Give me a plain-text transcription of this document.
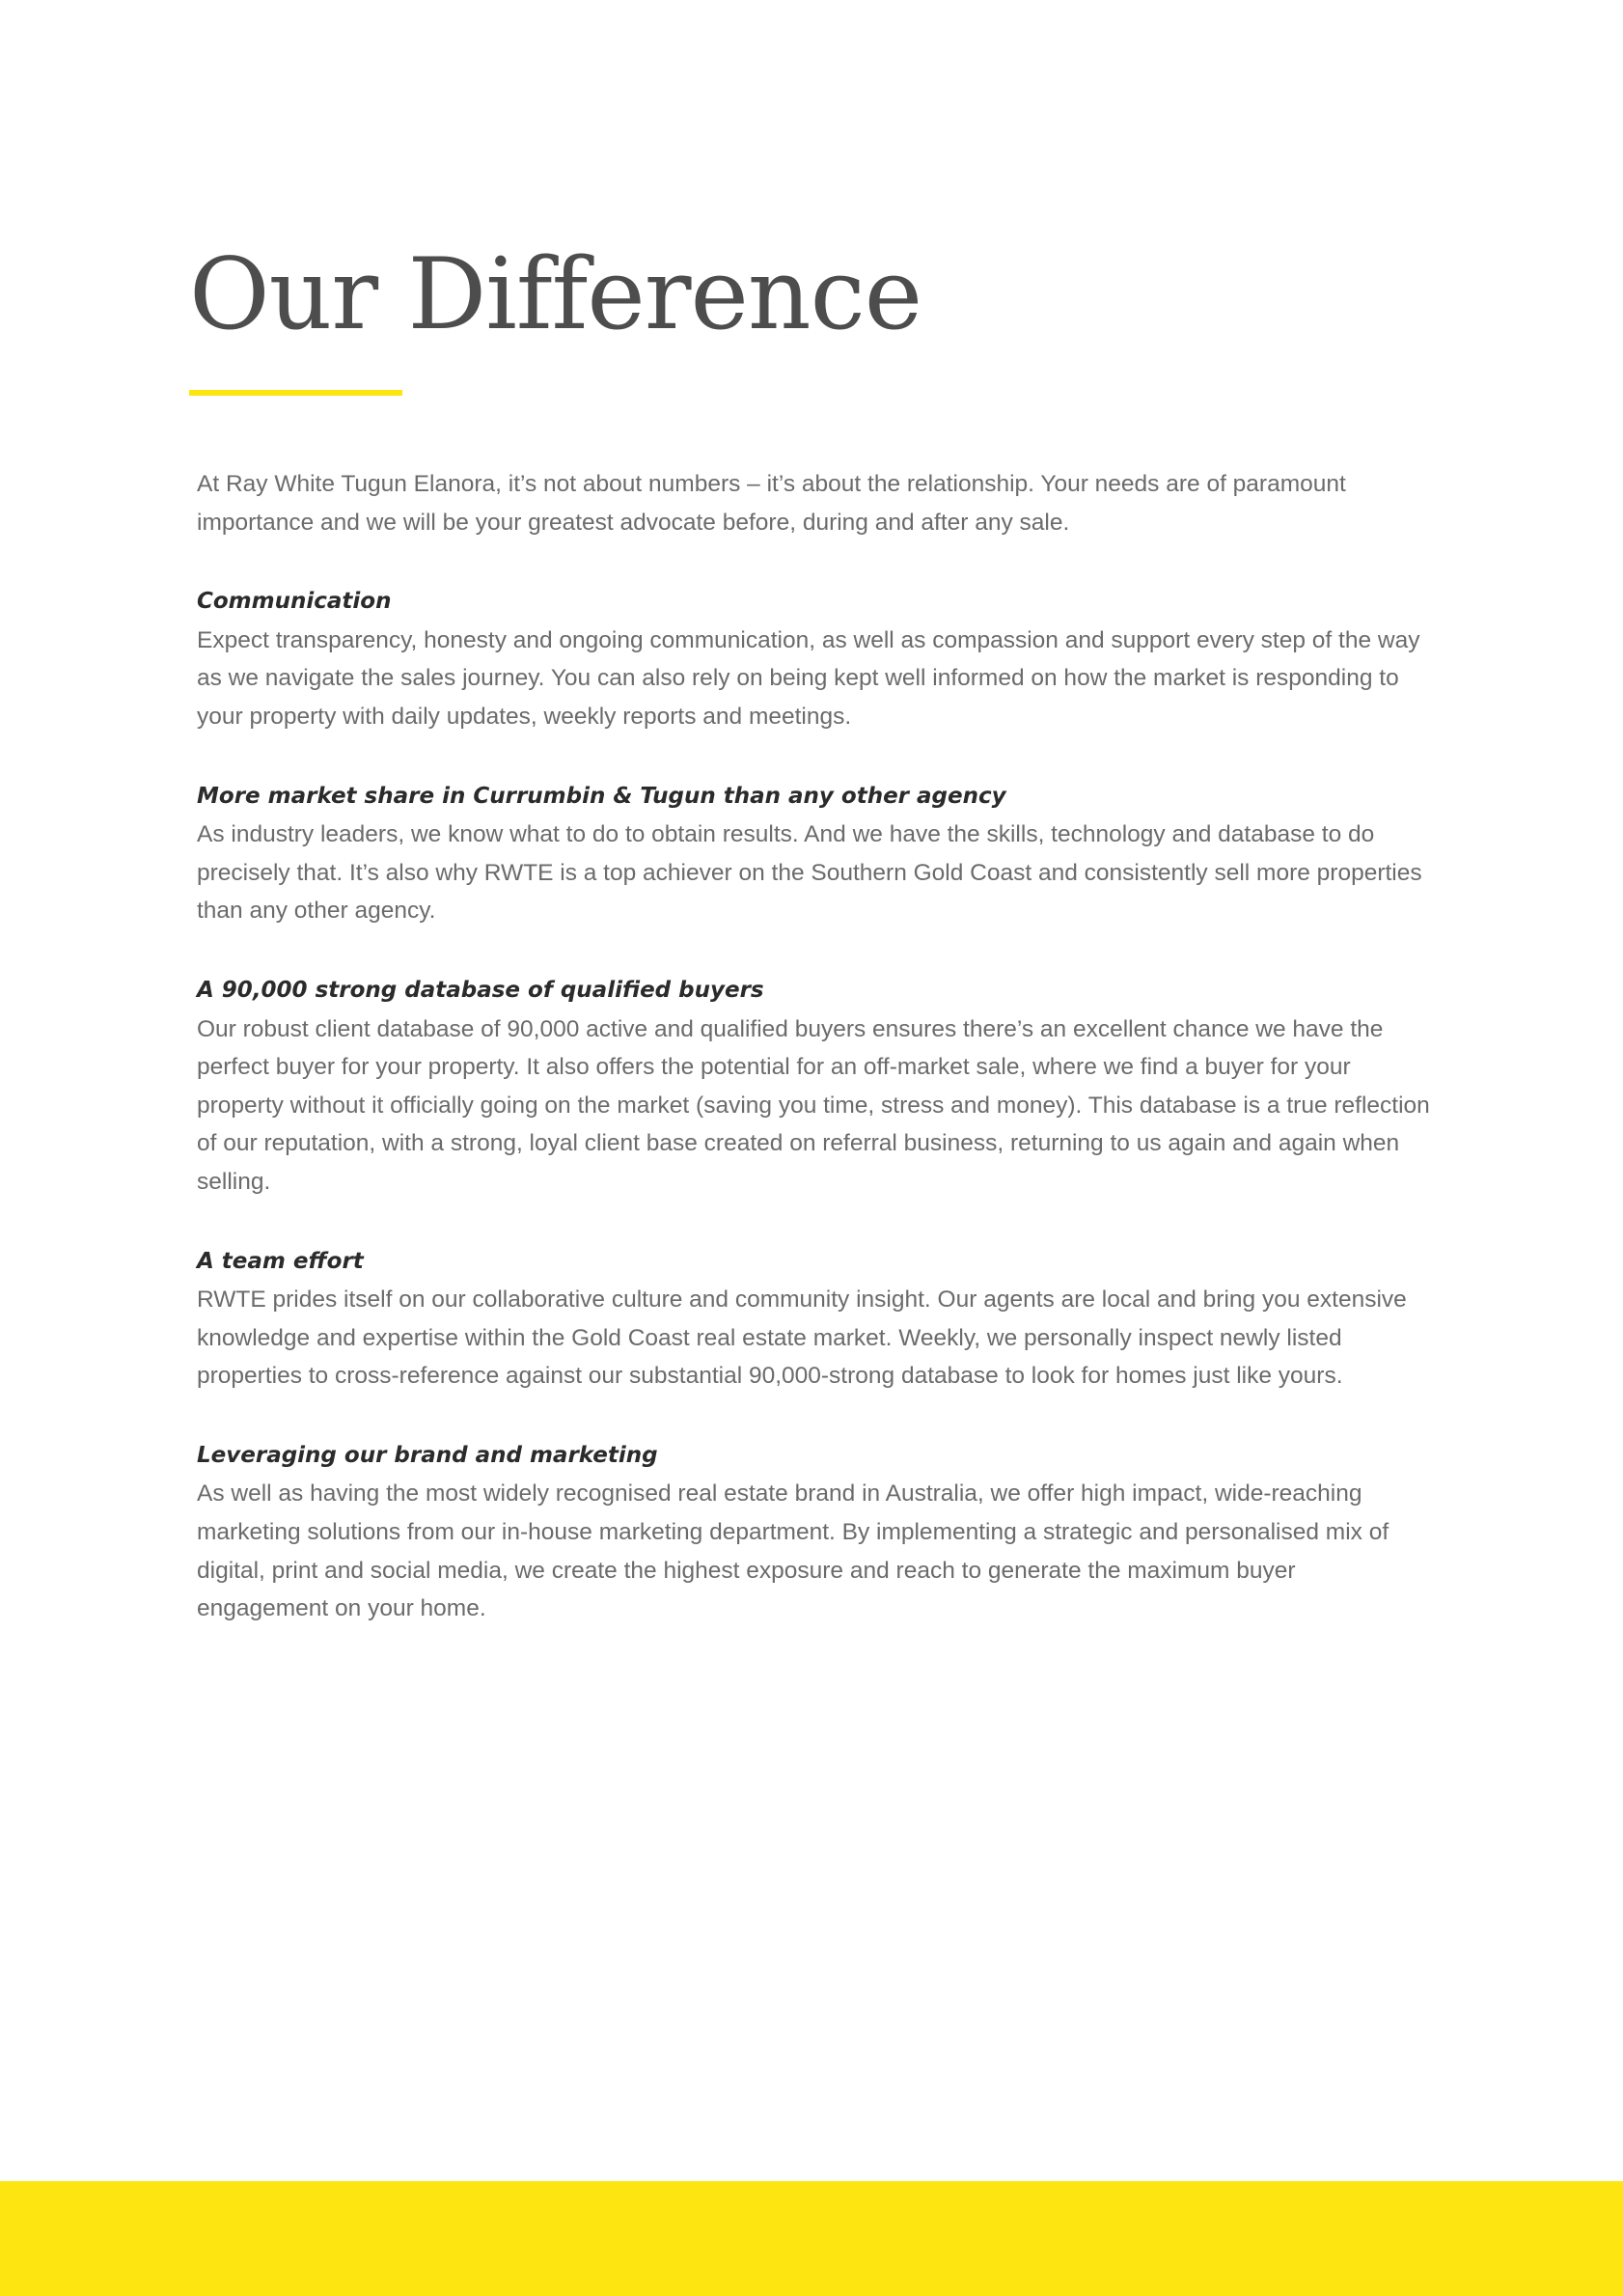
Our Difference

At Ray White Tugun Elanora, it’s not about numbers – it’s about the relationship. Your needs are of paramount importance and we will be your greatest advocate before, during and after any sale.

Communication

Expect transparency, honesty and ongoing communication, as well as compassion and support every step of the way as we navigate the sales journey. You can also rely on being kept well informed on how the market is responding to your property with daily updates, weekly reports and meetings.

More market share in Currumbin & Tugun than any other agency

As industry leaders, we know what to do to obtain results. And we have the skills, technology and database to do precisely that. It’s also why RWTE is a top achiever on the Southern Gold Coast and consistently sell more properties than any other agency.

A 90,000 strong database of qualified buyers

Our robust client database of 90,000 active and qualified buyers ensures there’s an excellent chance we have the perfect buyer for your property. It also offers the potential for an off-market sale, where we find a buyer for your property without it officially going on the market (saving you time, stress and money). This database is a true reflection of our reputation, with a strong, loyal client base created on referral business, returning to us again and again when selling.

A team effort

RWTE prides itself on our collaborative culture and community insight. Our agents are local and bring you extensive knowledge and expertise within the Gold Coast real estate market. Weekly, we personally inspect newly listed properties to cross-reference against our substantial 90,000-strong database to look for homes just like yours.

Leveraging our brand and marketing

As well as having the most widely recognised real estate brand in Australia, we offer high impact, wide-reaching marketing solutions from our in-house marketing department. By implementing a strategic and personalised mix of digital, print and social media, we create the highest exposure and reach to generate the maximum buyer engagement on your home.
